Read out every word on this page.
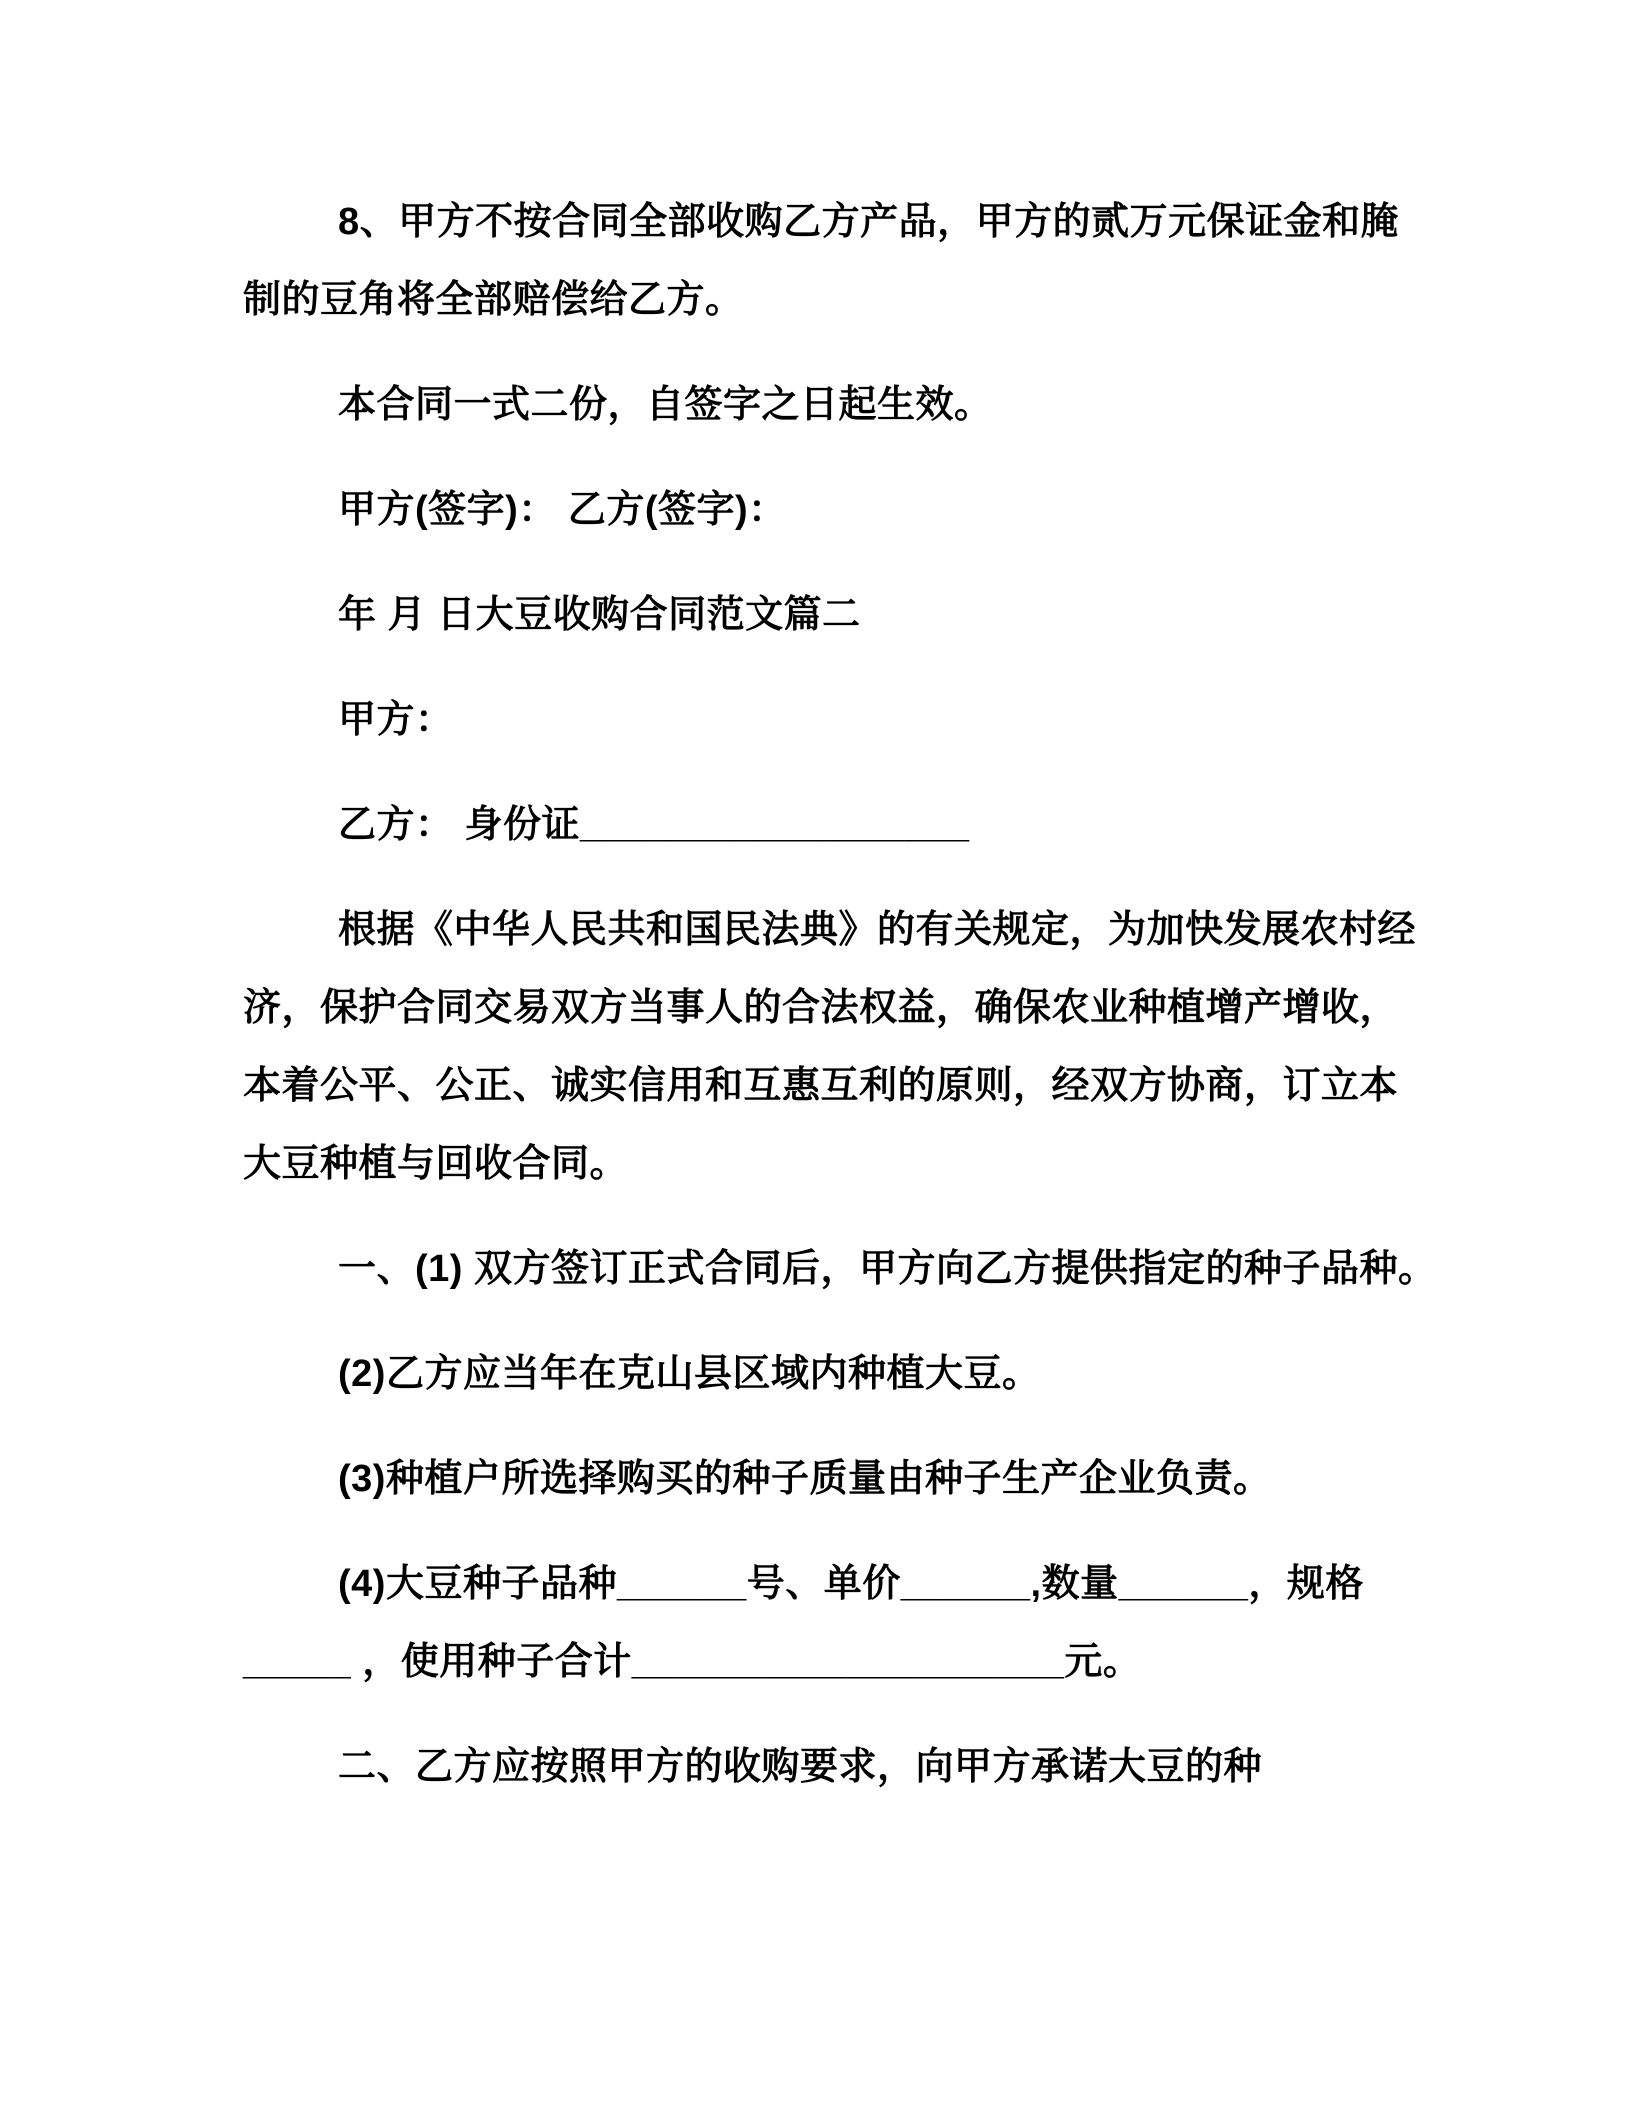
8、甲方不按合同全部收购乙方产品，甲方的贰万元保证金和腌
制的豆角将全部赔偿给乙方。
本合同一式二份，自签字之日起生效。
甲方(签字)： 乙方(签字)：
年 月 日大豆收购合同范文篇二
甲方：
乙方： 身份证__________________
根据《中华人民共和国民法典》的有关规定，为加快发展农村经
济，保护合同交易双方当事人的合法权益，确保农业种植增产增收，
本着公平、公正、诚实信用和互惠互利的原则，经双方协商，订立本
大豆种植与回收合同。
一、(1) 双方签订正式合同后，甲方向乙方提供指定的种子品种。
(2)乙方应当年在克山县区域内种植大豆。
(3)种植户所选择购买的种子质量由种子生产企业负责。
(4)大豆种子品种______号、单价______,数量______，规格
_____ ，使用种子合计____________________元。
二、乙方应按照甲方的收购要求，向甲方承诺大豆的种
